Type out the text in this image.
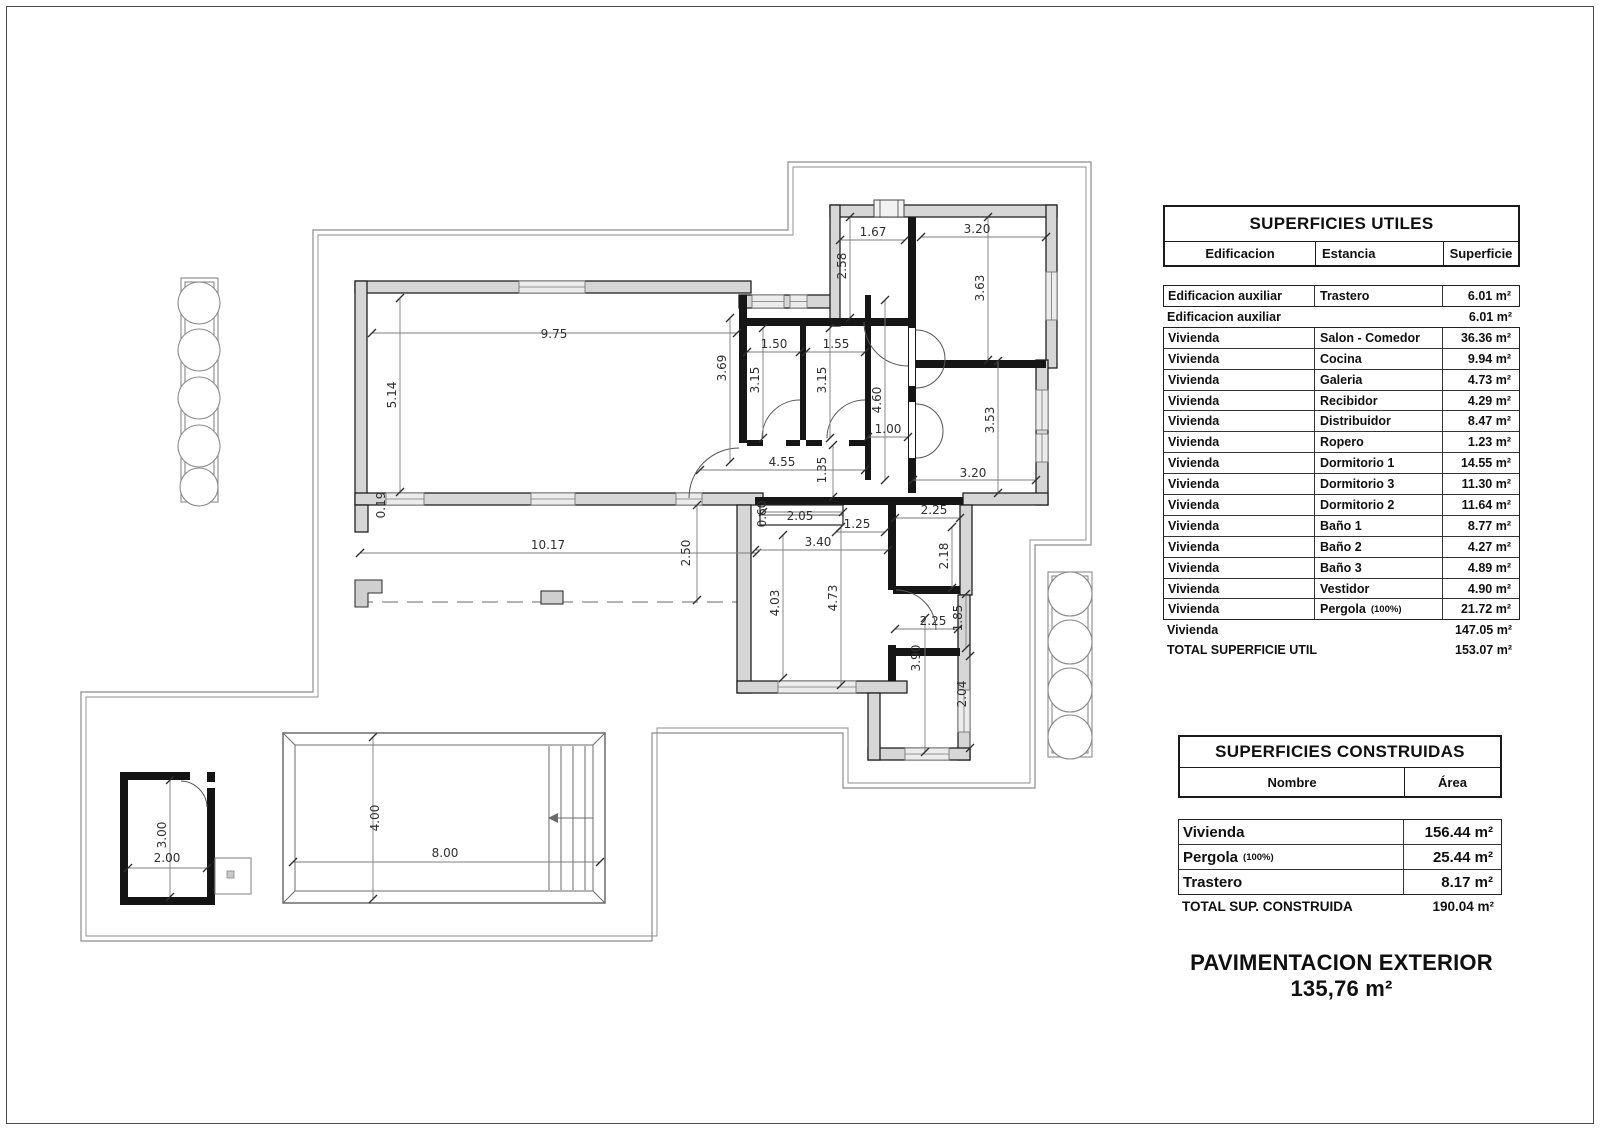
9.75
5.14
1.67	3.20
2.58
3.63
3.69
1.50	1.55
3.15	3.15
4.60
1.00	3.53
3.20
4.55 1.35
0.19	2.05
0.60	1.25
2.25
2.18
3.40
10.17	2.50
4.03	4.73
2.25 1.85
3.90
2.04
3.00
2.00
4.00
8.00
SUPERFICIES UTILES
Edificacion	Estancia	Superficie
Edificacion auxiliar	Trastero	6.01 m²
Edificacion auxiliar	6.01 m²
Vivienda	Salon - Comedor	36.36 m²
Vivienda	Cocina	9.94 m²
Vivienda	Galeria	4.73 m²
Vivienda	Recibidor	4.29 m²
Vivienda	Distribuidor	8.47 m²
Vivienda	Ropero	1.23 m²
Vivienda	Dormitorio 1	14.55 m²
Vivienda	Dormitorio 3	11.30 m²
Vivienda	Dormitorio 2	11.64 m²
Vivienda	Baño 1	8.77 m²
Vivienda	Baño 2	4.27 m²
Vivienda	Baño 3	4.89 m²
Vivienda	Vestidor	4.90 m²
Vivienda	Pergola (100%)	21.72 m²
Vivienda	147.05 m²
TOTAL SUPERFICIE UTIL	153.07 m²
SUPERFICIES CONSTRUIDAS
Nombre	Área
Vivienda	156.44 m²
Pergola (100%)	25.44 m²
Trastero	8.17 m²
TOTAL SUP. CONSTRUIDA	190.04 m²
PAVIMENTACION EXTERIOR 135,76 m²
